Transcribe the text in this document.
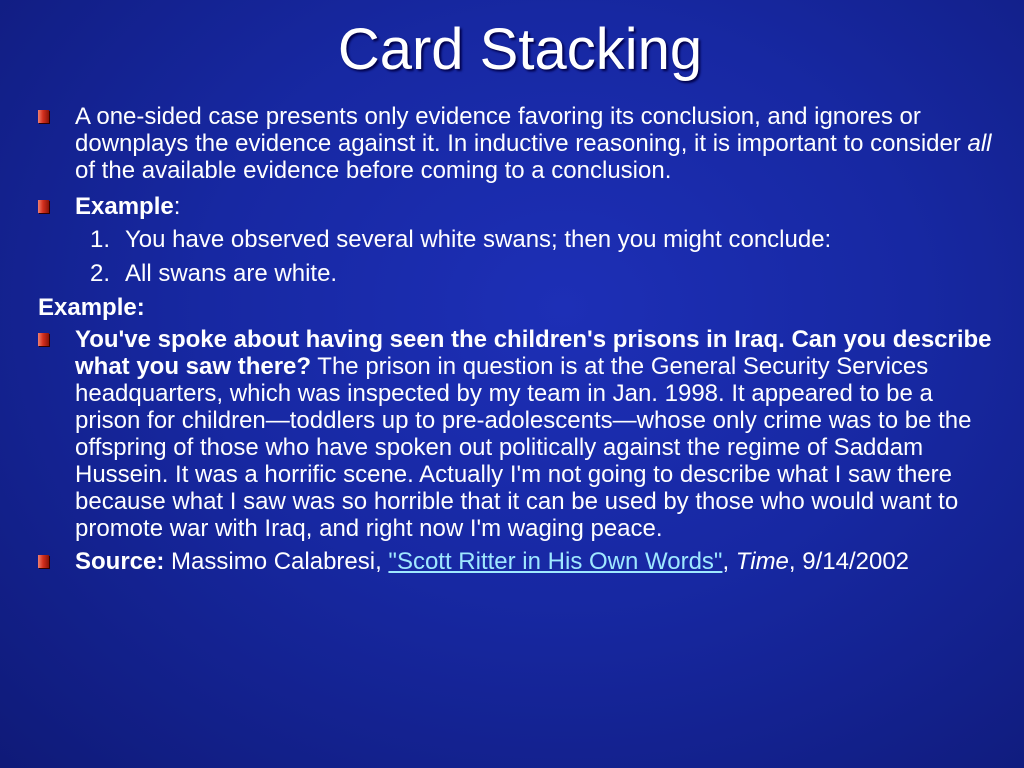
Card Stacking
A one-sided case presents only evidence favoring its conclusion, and ignores or downplays the evidence against it. In inductive reasoning, it is important to consider all of the available evidence before coming to a conclusion.
Example:
1. You have observed several white swans; then you might conclude:
2. All swans are white.
Example:
You've spoke about having seen the children's prisons in Iraq. Can you describe what you saw there? The prison in question is at the General Security Services headquarters, which was inspected by my team in Jan. 1998. It appeared to be a prison for children—toddlers up to pre-adolescents—whose only crime was to be the offspring of those who have spoken out politically against the regime of Saddam Hussein. It was a horrific scene. Actually I'm not going to describe what I saw there because what I saw was so horrible that it can be used by those who would want to promote war with Iraq, and right now I'm waging peace.
Source: Massimo Calabresi, "Scott Ritter in His Own Words", Time, 9/14/2002
